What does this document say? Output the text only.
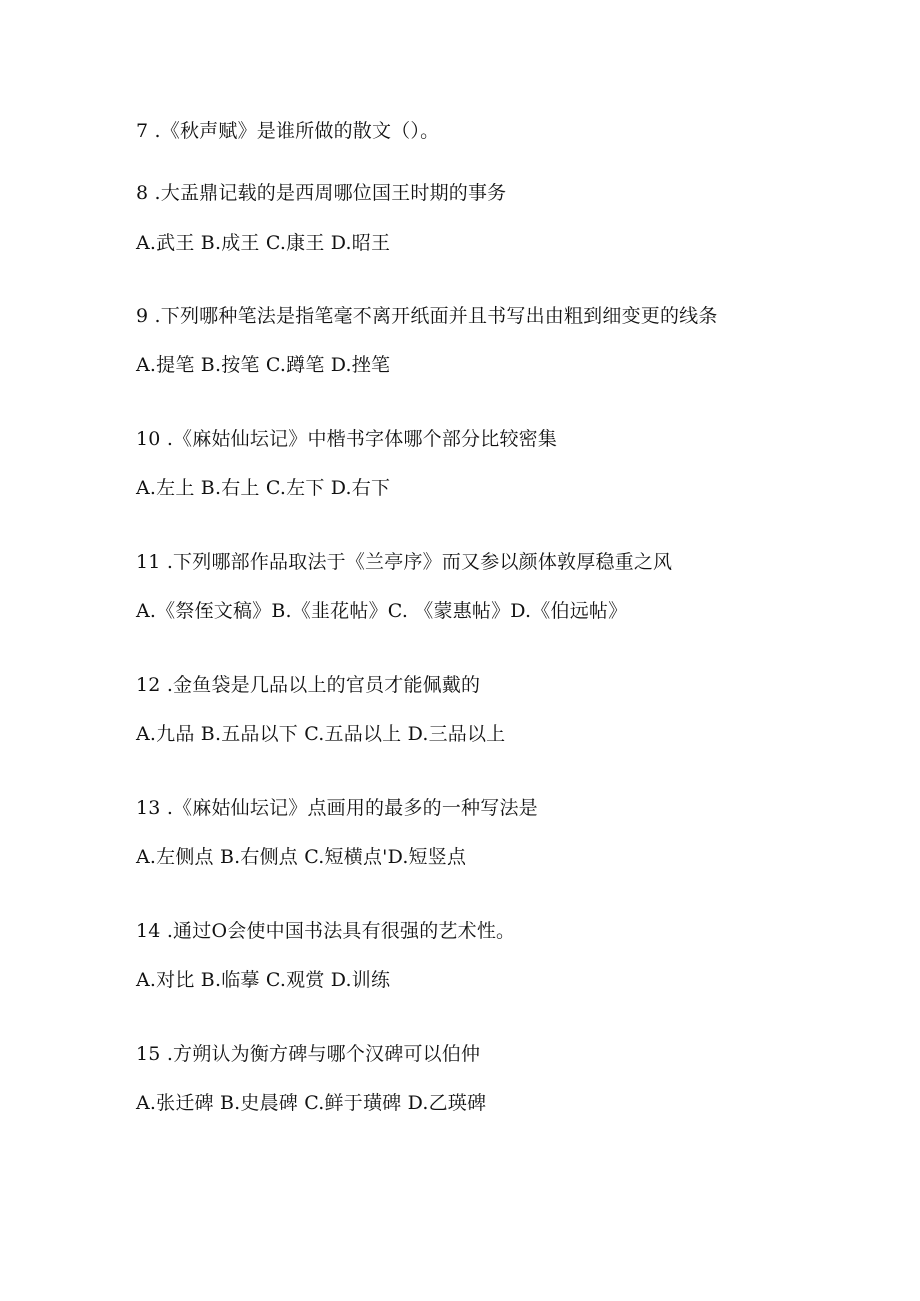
7 .《秋声赋》是谁所做的散文（）。
8 .大盂鼎记载的是西周哪位国王时期的事务
A.武王 B.成王 C.康王 D.昭王
9 .下列哪种笔法是指笔毫不离开纸面并且书写出由粗到细变更的线条
A.提笔 B.按笔 C.蹲笔 D.挫笔
10 .《麻姑仙坛记》中楷书字体哪个部分比较密集
A.左上 B.右上 C.左下 D.右下
11 .下列哪部作品取法于《兰亭序》而又参以颜体敦厚稳重之风
A.《祭侄文稿》B.《韭花帖》C. 《蒙惠帖》D.《伯远帖》
12 .金鱼袋是几品以上的官员才能佩戴的
A.九品 B.五品以下 C.五品以上 D.三品以上
13 .《麻姑仙坛记》点画用的最多的一种写法是
A.左侧点 B.右侧点 C.短横点'D.短竖点
14 .通过O会使中国书法具有很强的艺术性。
A.对比 B.临摹 C.观赏 D.训练
15 .方朔认为衡方碑与哪个汉碑可以伯仲
A.张迁碑 B.史晨碑 C.鲜于璜碑 D.乙瑛碑
